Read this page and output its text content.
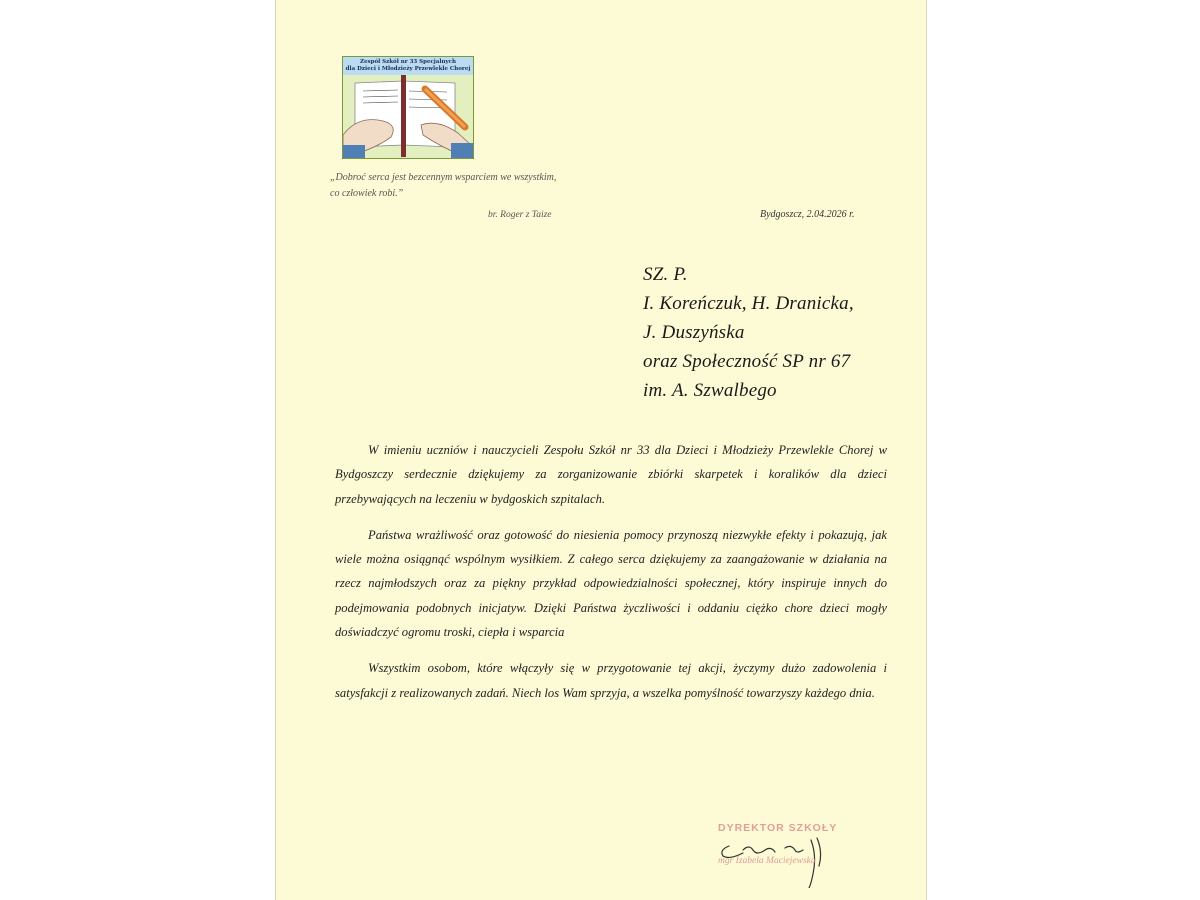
Zespół Szkół nr 33 Specjalnych
dla Dzieci i Młodzieży Przewlekle Chorej
„Dobroć serca jest bezcennym wsparciem we wszystkim,
co człowiek robi.”
br. Roger z Taize	Bydgoszcz, 2.04.2026 r.
SZ. P.
I. Koreńczuk, H. Dranicka,
J. Duszyńska
oraz Społeczność SP nr 67
im. A. Szwalbego

W imieniu uczniów i nauczycieli Zespołu Szkół nr 33 dla Dzieci i Młodzieży Przewlekle Chorej w Bydgoszczy serdecznie dziękujemy za zorganizowanie zbiórki skarpetek i koralików dla dzieci przebywających na leczeniu w bydgoskich szpitalach.

Państwa wrażliwość oraz gotowość do niesienia pomocy przynoszą niezwykłe efekty i pokazują, jak wiele można osiągnąć wspólnym wysiłkiem. Z całego serca dziękujemy za zaangażowanie w działania na rzecz najmłodszych oraz za piękny przykład odpowiedzialności społecznej, który inspiruje innych do podejmowania podobnych inicjatyw. Dzięki Państwa życzliwości i oddaniu ciężko chore dzieci mogły doświadczyć ogromu troski, ciepła i wsparcia

Wszystkim osobom, które włączyły się w przygotowanie tej akcji, życzymy dużo zadowolenia i satysfakcji z realizowanych zadań. Niech los Wam sprzyja, a wszelka pomyślność towarzyszy każdego dnia.

DYREKTOR SZKOŁY
mgr Izabela Maciejewska
